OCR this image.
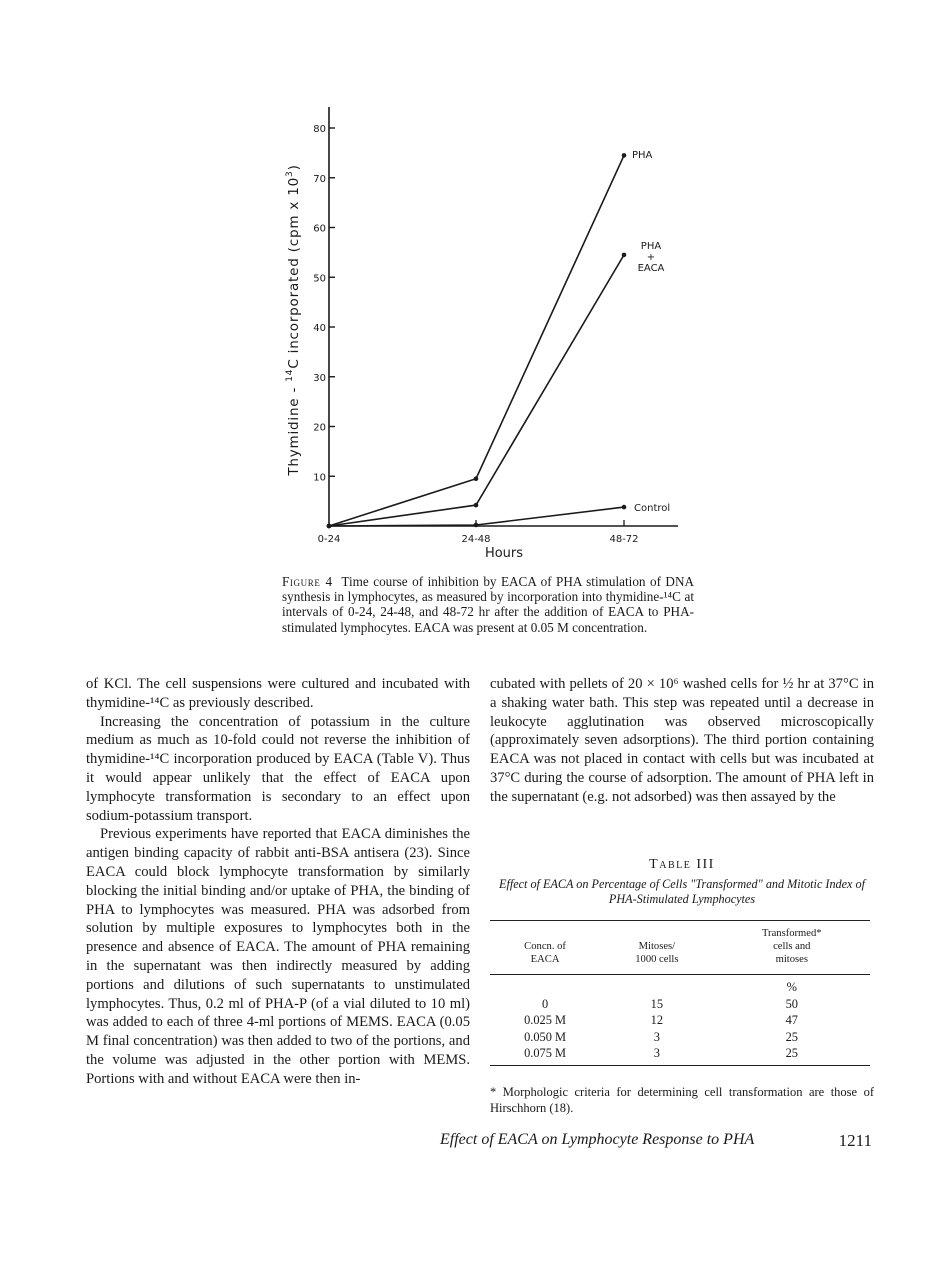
10
20
30
40
50
60
70
80
0-24	24-48	48-72
PHA
PHA
+
EACA
Control
Thymidine - $^{14}$C incorporated (cpm x $10^3$)
Hours
Figure 4 Time course of inhibition by EACA of PHA stimulation of DNA synthesis in lymphocytes, as measured by incorporation into thymidine-¹⁴C at intervals of 0-24, 24-48, and 48-72 hr after the addition of EACA to PHA-stimulated lymphocytes. EACA was present at 0.05 M concentration.

of KCl. The cell suspensions were cultured and incubated with thymidine-¹⁴C as previously described.

Increasing the concentration of potassium in the culture medium as much as 10-fold could not reverse the inhibition of thymidine-¹⁴C incorporation produced by EACA (Table V). Thus it would appear unlikely that the effect of EACA upon lymphocyte transformation is secondary to an effect upon sodium-potassium transport.

Previous experiments have reported that EACA diminishes the antigen binding capacity of rabbit anti-BSA antisera (23). Since EACA could block lymphocyte transformation by similarly blocking the initial binding and/or uptake of PHA, the binding of PHA to lymphocytes was measured. PHA was adsorbed from solution by multiple exposures to lymphocytes both in the presence and absence of EACA. The amount of PHA remaining in the supernatant was then indirectly measured by adding portions and dilutions of such supernatants to unstimulated lymphocytes. Thus, 0.2 ml of PHA-P (of a vial diluted to 10 ml) was added to each of three 4-ml portions of MEMS. EACA (0.05 M final concentration) was then added to two of the portions, and the volume was adjusted in the other portion with MEMS. Portions with and without EACA were then in-

cubated with pellets of 20 × 10⁶ washed cells for ½ hr at 37°C in a shaking water bath. This step was repeated until a decrease in leukocyte agglutination was observed microscopically (approximately seven adsorptions). The third portion containing EACA was not placed in contact with cells but was incubated at 37°C during the course of adsorption. The amount of PHA left in the supernatant (e.g. not adsorbed) was then assayed by the

Table III
Effect of EACA on Percentage of Cells "Transformed" and Mitotic Index of PHA-Stimulated Lymphocytes
Concn. of
EACA	Mitoses/
1000 cells	Transformed*
cells and
mitoses
		%
0	15	50
0.025 M	12	47
0.050 M	3	25
0.075 M	3	25
* Morphologic criteria for determining cell transformation are those of Hirschhorn (18).
Effect of EACA on Lymphocyte Response to PHA	1211
